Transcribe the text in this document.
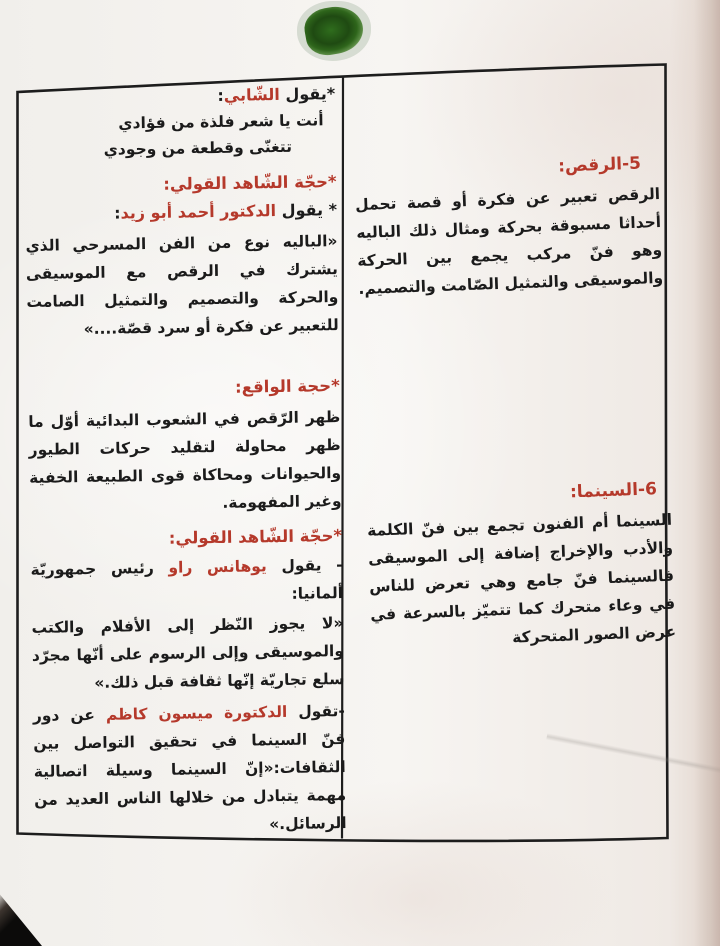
5-الرقص:

الرقص تعبير عن فكرة أو قصة تحمل أحداثا مسبوقة بحركة ومثال ذلك الباليه وهو فنّ مركب يجمع بين الحركة والموسيقى والتمثيل الصّامت والتصميم.

6-السينما:

السينما أم الفنون تجمع بين فنّ الكلمة والأدب والإخراج إضافة إلى الموسيقى فالسينما فنّ جامع وهي تعرض للناس في وعاء متحرك كما تتميّز بالسرعة في عرض الصور المتحركة

*يقول الشّابي:

أنت يا شعر فلذة من فؤادي

تتغنّى وقطعة من وجودي

*حجّة الشّاهد القولي:

* يقول الدكتور أحمد أبو زيد:

«الباليه نوع من الفن المسرحي الذي يشترك في الرقص مع الموسيقى والحركة والتصميم والتمثيل الصامت للتعبير عن فكرة أو سرد قصّة....»

*حجة الواقع:

ظهر الرّقص في الشعوب البدائية أوّل ما ظهر محاولة لتقليد حركات الطيور والحيوانات ومحاكاة قوى الطبيعة الخفية وغير المفهومة.

*حجّة الشّاهد القولي:

- يقول يوهانس راو رئيس جمهوريّة ألمانيا:

«لا يجوز النّظر إلى الأفلام والكتب والموسيقى وإلى الرسوم على أنّها مجرّد سلع تجاريّة إنّها ثقافة قبل ذلك.»

-تقول الدكتورة ميسون كاظم عن دور فنّ السينما في تحقيق التواصل بين الثقافات:«إنّ السينما وسيلة اتصالية مهمة يتبادل من خلالها الناس العديد من الرسائل.»
